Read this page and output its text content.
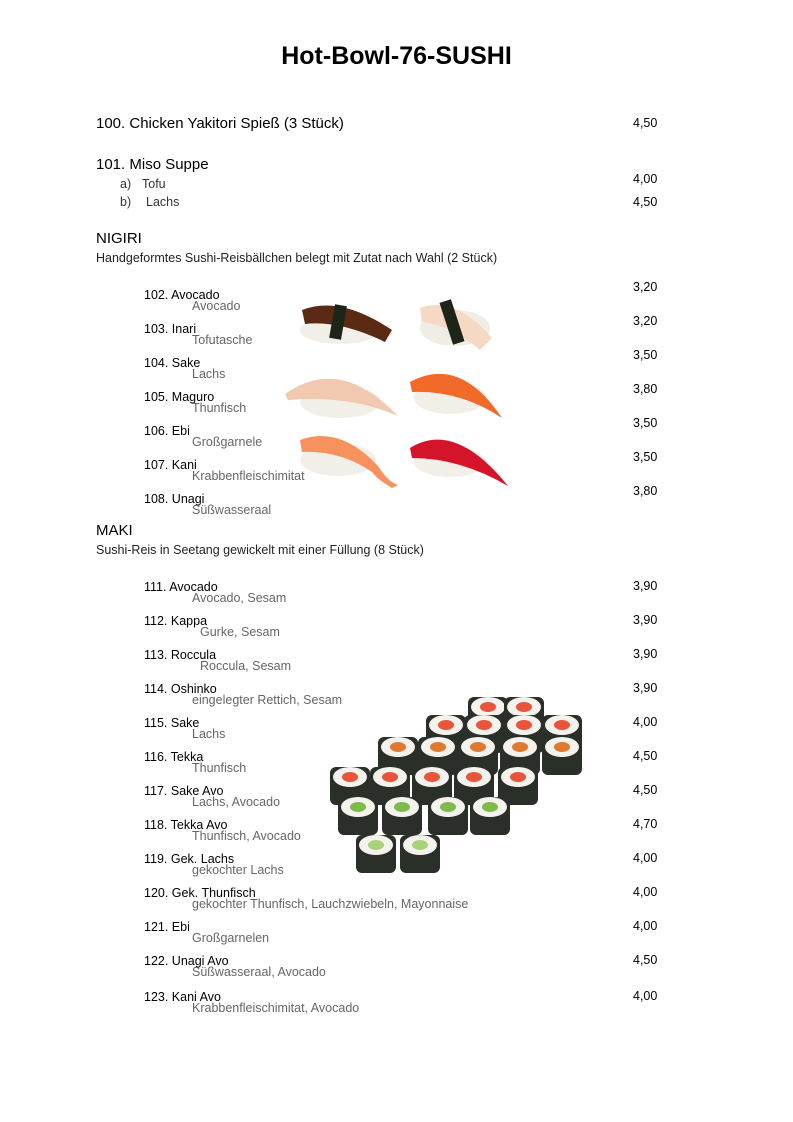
Hot-Bowl-76-SUSHI
100. Chicken Yakitori Spieß (3 Stück)	4,50
101. Miso Suppe
a) Tofu	4,00
b) Lachs	4,50
NIGIRI
Handgeformtes Sushi-Reisbällchen belegt mit Zutat nach Wahl (2 Stück)
102. Avocado
Avocado
3,20
103. Inari
Tofutasche
3,20
104. Sake
Lachs
3,50
105. Maguro
Thunfisch
3,80
106. Ebi
Großgarnele
3,50
107. Kani
Krabbenfleischimitat
3,50
108. Unagi
Süßwasseraal
3,80
MAKI
Sushi-Reis in Seetang gewickelt mit einer Füllung (8 Stück)
111. Avocado
Avocado, Sesam
3,90
112. Kappa
Gurke, Sesam
3,90
113. Roccula
Roccula, Sesam
3,90
114. Oshinko
eingelegter Rettich, Sesam
3,90
115. Sake
Lachs
4,00
116. Tekka
Thunfisch
4,50
117. Sake Avo
Lachs, Avocado
4,50
118. Tekka Avo
Thunfisch, Avocado
4,70
119. Gek. Lachs
gekochter Lachs
4,00
120. Gek. Thunfisch
gekochter Thunfisch, Lauchzwiebeln, Mayonnaise
4,00
121. Ebi
Großgarnelen
4,00
122. Unagi Avo
Süßwasseraal, Avocado
4,50
123. Kani Avo
Krabbenfleischimitat, Avocado
4,00
